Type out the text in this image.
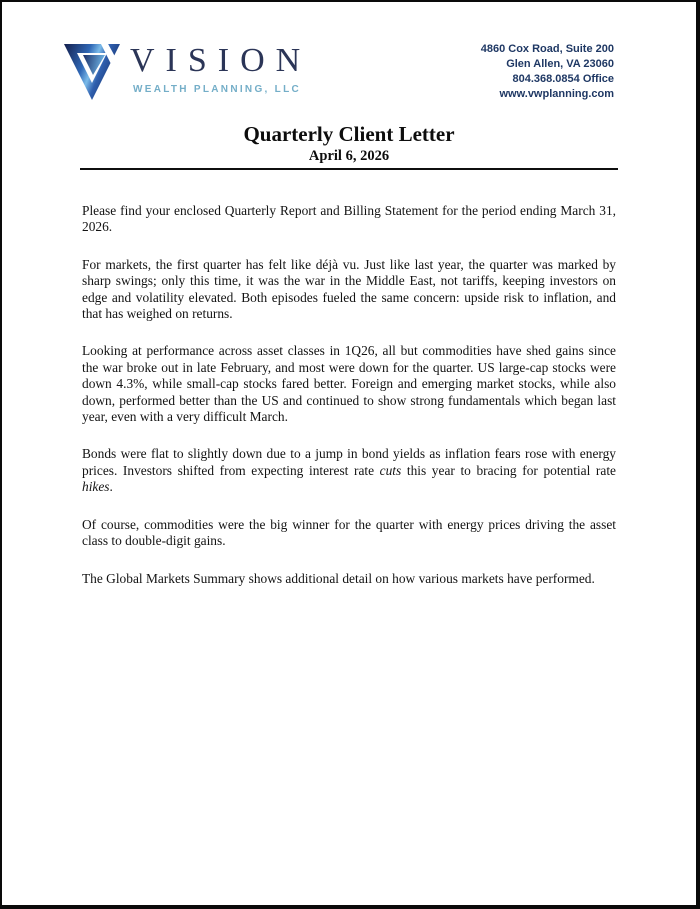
VISION
WEALTH PLANNING, LLC
4860 Cox Road, Suite 200
Glen Allen, VA 23060
804.368.0854 Office
www.vwplanning.com
Quarterly Client Letter
April 6, 2026

Please find your enclosed Quarterly Report and Billing Statement for the period ending March 31, 2026.

For markets, the first quarter has felt like déjà vu. Just like last year, the quarter was marked by sharp swings; only this time, it was the war in the Middle East, not tariffs, keeping investors on edge and volatility elevated. Both episodes fueled the same concern: upside risk to inflation, and that has weighed on returns.

Looking at performance across asset classes in 1Q26, all but commodities have shed gains since the war broke out in late February, and most were down for the quarter. US large-cap stocks were down 4.3%, while small-cap stocks fared better. Foreign and emerging market stocks, while also down, performed better than the US and continued to show strong fundamentals which began last year, even with a very difficult March.

Bonds were flat to slightly down due to a jump in bond yields as inflation fears rose with energy prices. Investors shifted from expecting interest rate cuts this year to bracing for potential rate hikes.

Of course, commodities were the big winner for the quarter with energy prices driving the asset class to double-digit gains.

The Global Markets Summary shows additional detail on how various markets have performed.
